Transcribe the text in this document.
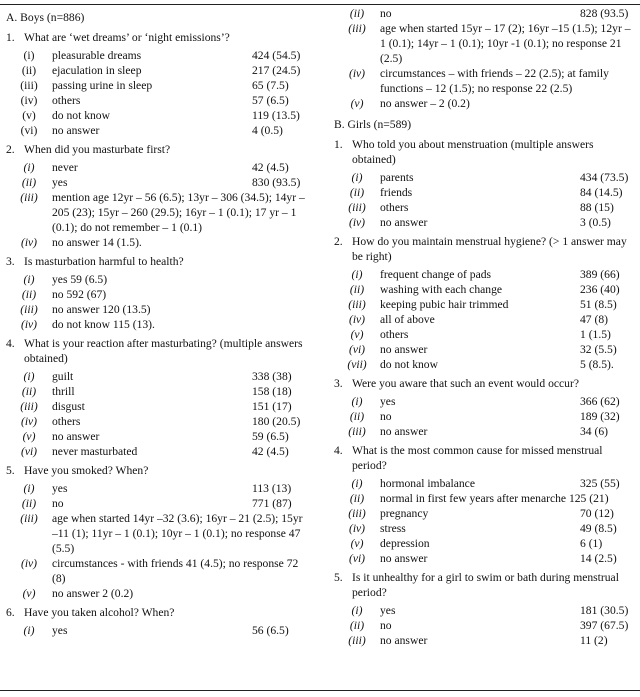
A. Boys (n=886)
1. What are ‘wet dreams’ or ‘night emissions’?
(i)	pleasurable dreams	424 (54.5)
(ii)	ejaculation in sleep	217 (24.5)
(iii)	passing urine in sleep	65 (7.5)
(iv)	others	57 (6.5)
(v)	do not know	119 (13.5)
(vi)	no answer	4 (0.5)
2. When did you masturbate first?
(i)	never	42 (4.5)
(ii)	yes	830 (93.5)
(iii)	mention age 12yr – 56 (6.5); 13yr – 306 (34.5); 14yr – 205 (23); 15yr – 260 (29.5); 16yr – 1 (0.1); 17 yr – 1 (0.1); do not remember – 1 (0.1)
(iv)	no answer 14 (1.5).
3. Is masturbation harmful to health?
(i)	yes 59 (6.5)
(ii)	no 592 (67)
(iii)	no answer 120 (13.5)
(iv)	do not know 115 (13).
4. What is your reaction after masturbating? (multiple answers obtained)
(i)	guilt	338 (38)
(ii)	thrill	158 (18)
(iii)	disgust	151 (17)
(iv)	others	180 (20.5)
(v)	no answer	59 (6.5)
(vi)	never masturbated	42 (4.5)
5. Have you smoked? When?
(i)	yes	113 (13)
(ii)	no	771 (87)
(iii)	age when started 14yr –32 (3.6); 16yr – 21 (2.5); 15yr –11 (1); 11yr – 1 (0.1); 10yr – 1 (0.1); no response 47 (5.5)
(iv)	circumstances - with friends 41 (4.5); no response 72 (8)
(v)	no answer 2 (0.2)
6. Have you taken alcohol? When?
(i)	yes	56 (6.5)
(ii)	no	828 (93.5)
(iii)	age when started 15yr – 17 (2); 16yr –15 (1.5); 12yr – 1 (0.1); 14yr – 1 (0.1); 10yr -1 (0.1); no response 21 (2.5)
(iv)	circumstances – with friends – 22 (2.5); at family functions – 12 (1.5); no response 22 (2.5)
(v)	no answer – 2 (0.2)
B. Girls (n=589)
1. Who told you about menstruation (multiple answers obtained)
(i)	parents	434 (73.5)
(ii)	friends	84 (14.5)
(iii)	others	88 (15)
(iv)	no answer	3 (0.5)
2. How do you maintain menstrual hygiene? (> 1 answer may be right)
(i)	frequent change of pads	389 (66)
(ii)	washing with each change	236 (40)
(iii)	keeping pubic hair trimmed	51 (8.5)
(iv)	all of above	47 (8)
(v)	others	1 (1.5)
(vi)	no answer	32 (5.5)
(vii)	do not know	5 (8.5).
3. Were you aware that such an event would occur?
(i)	yes	366 (62)
(ii)	no	189 (32)
(iii)	no answer	34 (6)
4. What is the most common cause for missed menstrual period?
(i)	hormonal imbalance	325 (55)
(ii)	normal in first few years after menarche 125 (21)
(iii)	pregnancy	70 (12)
(iv)	stress	49 (8.5)
(v)	depression	6 (1)
(vi)	no answer	14 (2.5)
5. Is it unhealthy for a girl to swim or bath during menstrual period?
(i)	yes	181 (30.5)
(ii)	no	397 (67.5)
(iii)	no answer	11 (2)
